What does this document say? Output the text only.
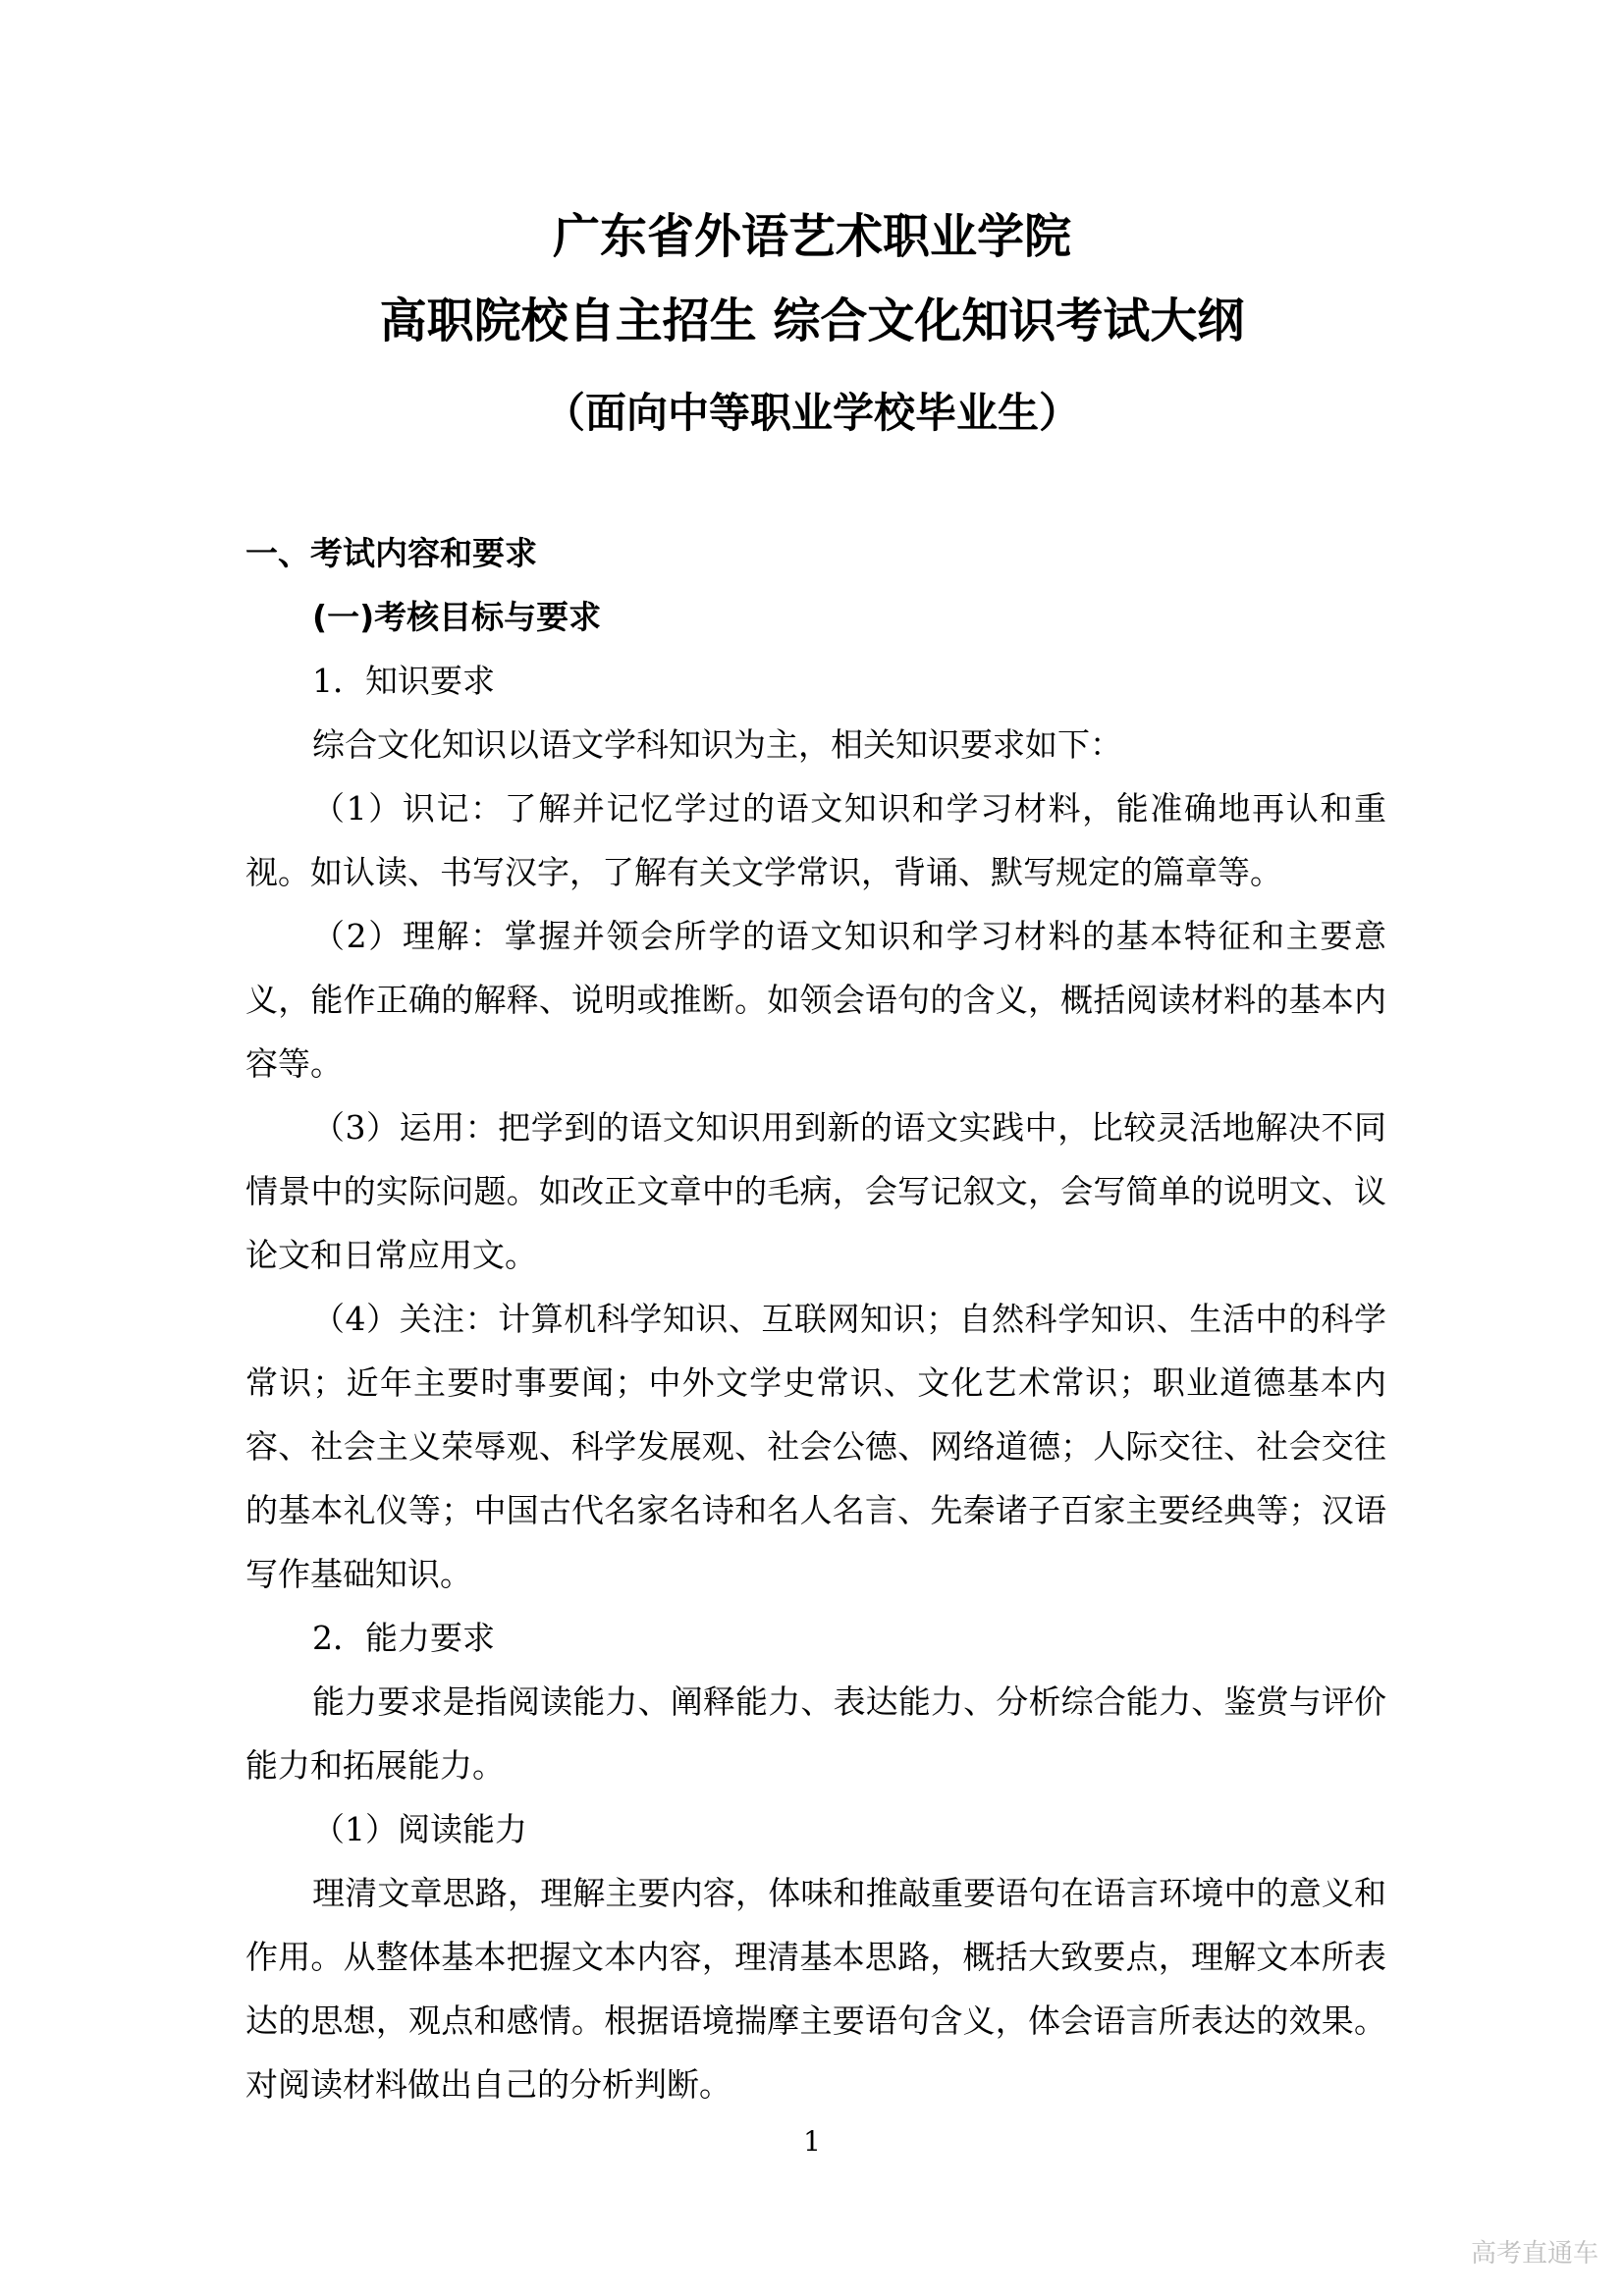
广东省外语艺术职业学院
高职院校自主招生 综合文化知识考试大纲
（面向中等职业学校毕业生）
一、考试内容和要求
(一)考核目标与要求
1．知识要求
综合文化知识以语文学科知识为主，相关知识要求如下：
（1）识记：了解并记忆学过的语文知识和学习材料，能准确地再认和重视。如认读、书写汉字，了解有关文学常识，背诵、默写规定的篇章等。
（2）理解：掌握并领会所学的语文知识和学习材料的基本特征和主要意义，能作正确的解释、说明或推断。如领会语句的含义，概括阅读材料的基本内容等。
（3）运用：把学到的语文知识用到新的语文实践中，比较灵活地解决不同情景中的实际问题。如改正文章中的毛病，会写记叙文，会写简单的说明文、议论文和日常应用文。
（4）关注：计算机科学知识、互联网知识；自然科学知识、生活中的科学常识；近年主要时事要闻；中外文学史常识、文化艺术常识；职业道德基本内容、社会主义荣辱观、科学发展观、社会公德、网络道德；人际交往、社会交往的基本礼仪等；中国古代名家名诗和名人名言、先秦诸子百家主要经典等；汉语写作基础知识。
2．能力要求
能力要求是指阅读能力、阐释能力、表达能力、分析综合能力、鉴赏与评价能力和拓展能力。
（1）阅读能力
理清文章思路，理解主要内容，体味和推敲重要语句在语言环境中的意义和作用。从整体基本把握文本内容，理清基本思路，概括大致要点，理解文本所表达的思想，观点和感情。根据语境揣摩主要语句含义，体会语言所表达的效果。对阅读材料做出自己的分析判断。
1
高考直通车
